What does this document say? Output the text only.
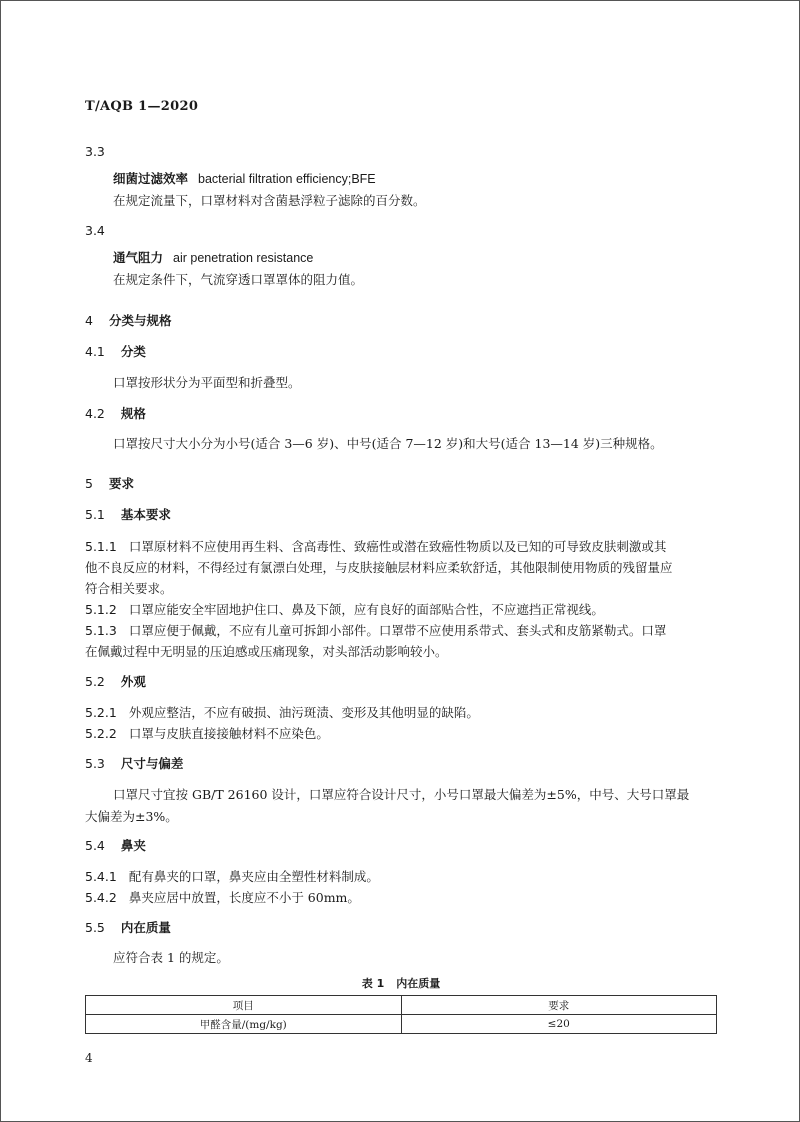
T/AQB 1—2020
3.3
细菌过滤效率 bacterial filtration efficiency;BFE
在规定流量下，口罩材料对含菌悬浮粒子滤除的百分数。
3.4
通气阻力 air penetration resistance
在规定条件下，气流穿透口罩罩体的阻力值。
4 分类与规格
4.1 分类
口罩按形状分为平面型和折叠型。
4.2 规格
口罩按尺寸大小分为小号(适合 3—6 岁)、中号(适合 7—12 岁)和大号(适合 13—14 岁)三种规格。
5 要求
5.1 基本要求
5.1.1 口罩原材料不应使用再生料、含高毒性、致癌性或潜在致癌性物质以及已知的可导致皮肤刺激或其
他不良反应的材料，不得经过有氯漂白处理，与皮肤接触层材料应柔软舒适，其他限制使用物质的残留量应
符合相关要求。
5.1.2 口罩应能安全牢固地护住口、鼻及下颌，应有良好的面部贴合性，不应遮挡正常视线。
5.1.3 口罩应便于佩戴，不应有儿童可拆卸小部件。口罩带不应使用系带式、套头式和皮筋紧勒式。口罩
在佩戴过程中无明显的压迫感或压痛现象，对头部活动影响较小。
5.2 外观
5.2.1 外观应整洁，不应有破损、油污斑渍、变形及其他明显的缺陷。
5.2.2 口罩与皮肤直接接触材料不应染色。
5.3 尺寸与偏差
口罩尺寸宜按 GB/T 26160 设计，口罩应符合设计尺寸，小号口罩最大偏差为±5%，中号、大号口罩最
大偏差为±3%。
5.4 鼻夹
5.4.1 配有鼻夹的口罩，鼻夹应由全塑性材料制成。
5.4.2 鼻夹应居中放置，长度应不小于 60mm。
5.5 内在质量
应符合表 1 的规定。
表 1 内在质量
项目	要求
甲醛含量/(mg/kg)	≤20
4
